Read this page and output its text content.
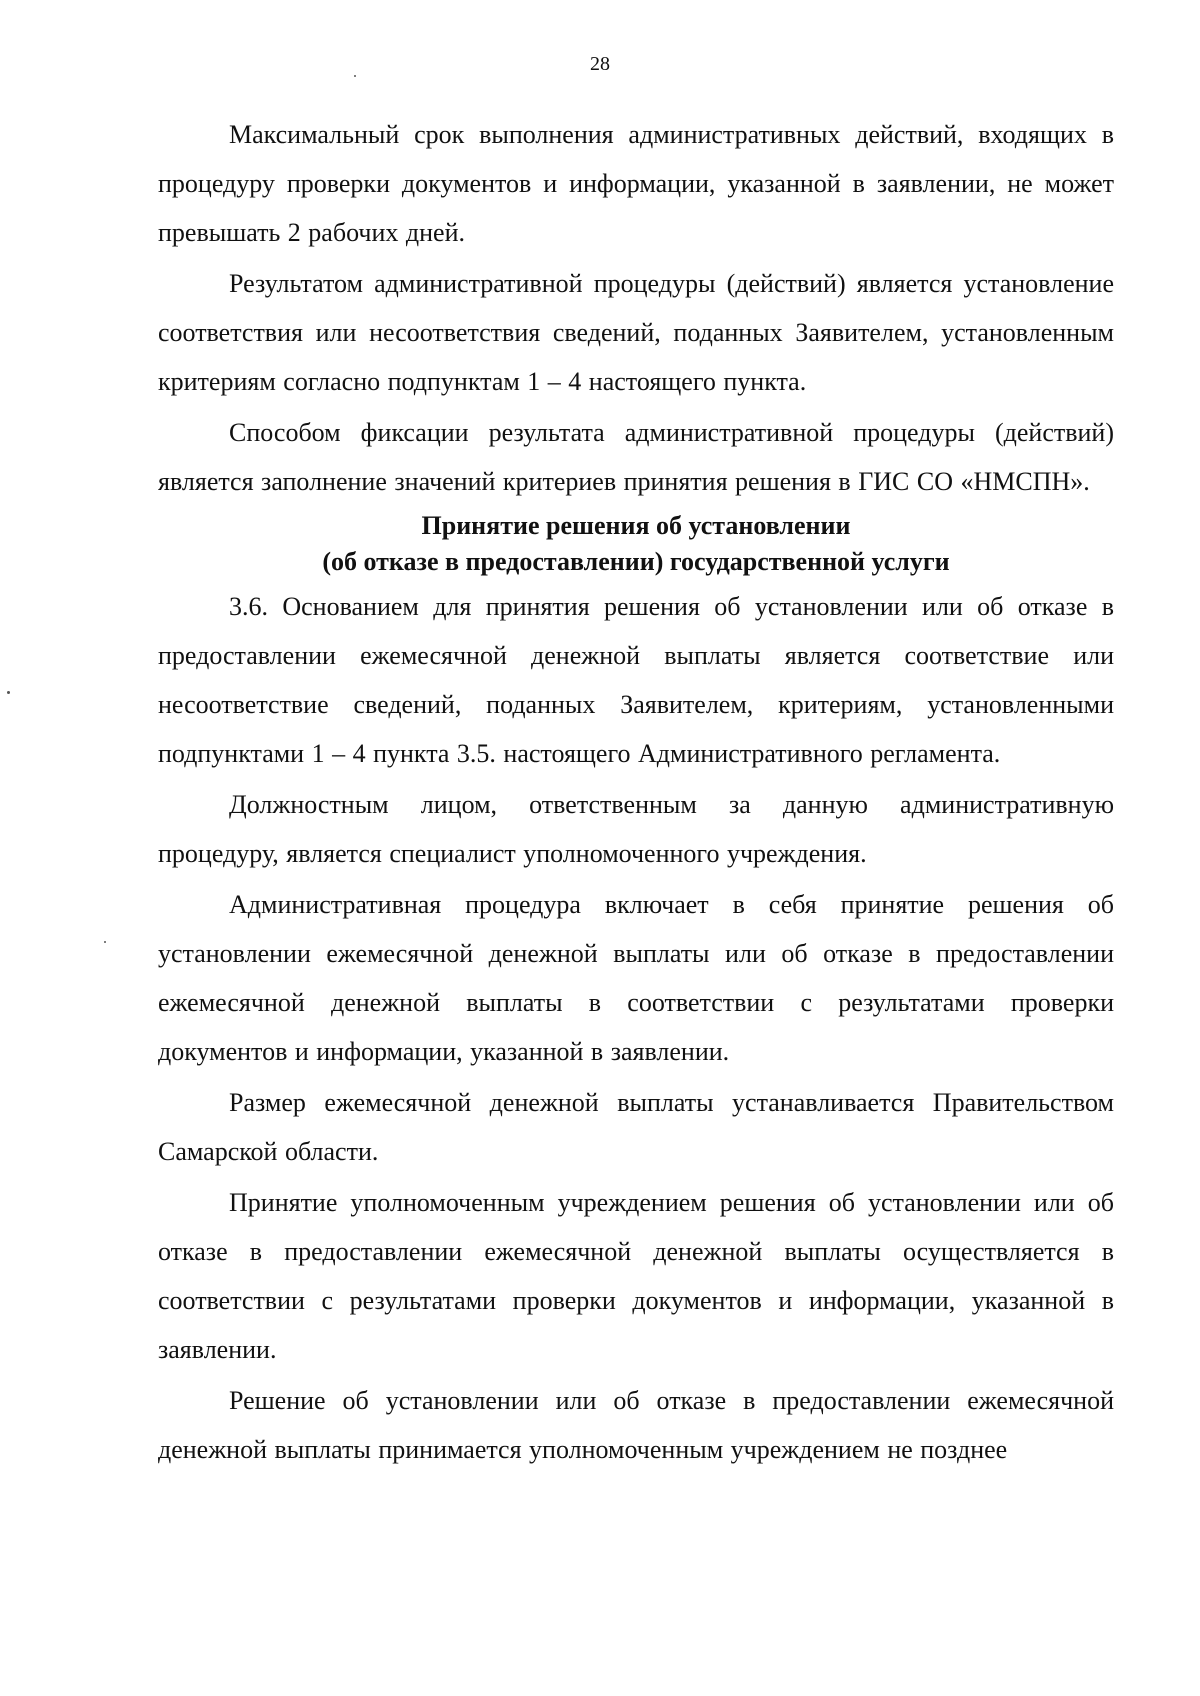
28

Максимальный срок выполнения административных действий, входящих в процедуру проверки документов и информации, указанной в заявлении, не может превышать 2 рабочих дней.

Результатом административной процедуры (действий) является установление соответствия или несоответствия сведений, поданных Заявителем, установленным критериям согласно подпунктам 1 – 4 настоящего пункта.

Способом фиксации результата административной процедуры (действий) является заполнение значений критериев принятия решения в ГИС СО «НМСПН».

Принятие решения об установлении
(об отказе в предоставлении) государственной услуги

3.6. Основанием для принятия решения об установлении или об отказе в предоставлении ежемесячной денежной выплаты является соответствие или несоответствие сведений, поданных Заявителем, критериям, установленными подпунктами 1 – 4 пункта 3.5. настоящего Административного регламента.

Должностным лицом, ответственным за данную административную процедуру, является специалист уполномоченного учреждения.

Административная процедура включает в себя принятие решения об установлении ежемесячной денежной выплаты или об отказе в предоставлении ежемесячной денежной выплаты в соответствии с результатами проверки документов и информации, указанной в заявлении.

Размер ежемесячной денежной выплаты устанавливается Правительством Самарской области.

Принятие уполномоченным учреждением решения об установлении или об отказе в предоставлении ежемесячной денежной выплаты осуществляется в соответствии с результатами проверки документов и информации, указанной в заявлении.

Решение об установлении или об отказе в предоставлении ежемесячной денежной выплаты принимается уполномоченным учреждением не позднее
